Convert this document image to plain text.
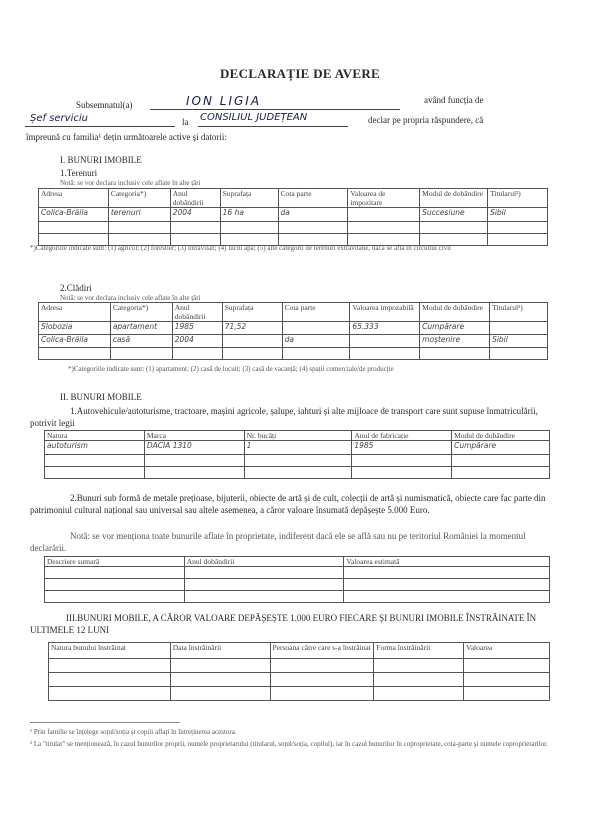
DECLARAȚIE DE AVERE
Subsemnatul(a)	ION LIGIA	având funcția de
Șef serviciu	la CONSILIUL JUDEȚEAN	declar pe propria răspundere, că
împreună cu familia¹ dețin următoarele active și datorii:
I. BUNURI IMOBILE
1.Terenuri
Notă: se vor declara inclusiv cele aflate în alte țări
Adresa	Categoria*)	Anul dobândirii	Suprafața	Cota parte	Valoarea de impozitare	Modul de dobândire	Titularul²)
Colica-Bräila	terenuri	2004	16 ha	da		Succesiune	Sibil

*)Categoriile indicate sunt: (1) agricol; (2) forestier; (3) intravilan; (4) luciu apă; (5) alte categorii de terenuri extravilane, dacă se află în circuitul civil
2.Clădiri
Notă: se vor declara inclusiv cele aflate în alte țări
Adresa	Categoria*)	Anul dobândirii	Suprafața	Cota parte	Valoarea impozabilă	Modul de dobândire	Titularul²)
Slobozia	apartament	1985	71,52		65.333	Cumpărare	
Colica-Bräila	casă	2004		da		moștenire	Sibil

*)Categoriile indicate sunt: (1) apartament; (2) casă de locuit; (3) casă de vacanță; (4) spații comerciale/de producție
II. BUNURI MOBILE
1.Autovehicule/autoturisme, tractoare, mașini agricole, șalupe, iahturi și alte mijloace de transport care sunt supuse înmatriculării, potrivit legii
Natura	Marca	Nr. bucăți	Anul de fabricație	Modul de dobândire
autoturism	DACIA 1310	1	1985	Cumpărare

2.Bunuri sub formă de metale prețioase, bijuterii, obiecte de artă și de cult, colecții de artă și numismatică, obiecte care fac parte din patrimoniul cultural național sau universal sau altele asemenea, a căror valoare însumată depășește 5.000 Euro.
Notă: se vor menționa toate bunurile aflate în proprietate, indiferent dacă ele se află sau nu pe teritoriul României la momentul declarării.
Descriere sumară	Anul dobândirii	Valoarea estimată

III.BUNURI MOBILE, A CĂROR VALOARE DEPĂȘEȘTE 1.000 EURO FIECARE ȘI BUNURI IMOBILE ÎNSTRĂINATE ÎN ULTIMELE 12 LUNI
Natura bunului înstrăinat	Data înstrăinării	Persoana către care s-a înstrăinat	Forma înstrăinării	Valoarea

¹ Prin familie se înțelege soțul/soția și copiii aflați în întreținerea acestora.
² La "titular" se menționează, în cazul bunurilor proprii, numele proprietarului (titularul, soțul/soția, copilul), iar în cazul bunurilor în coproprietate, cota-parte și numele coproprietarilor.
